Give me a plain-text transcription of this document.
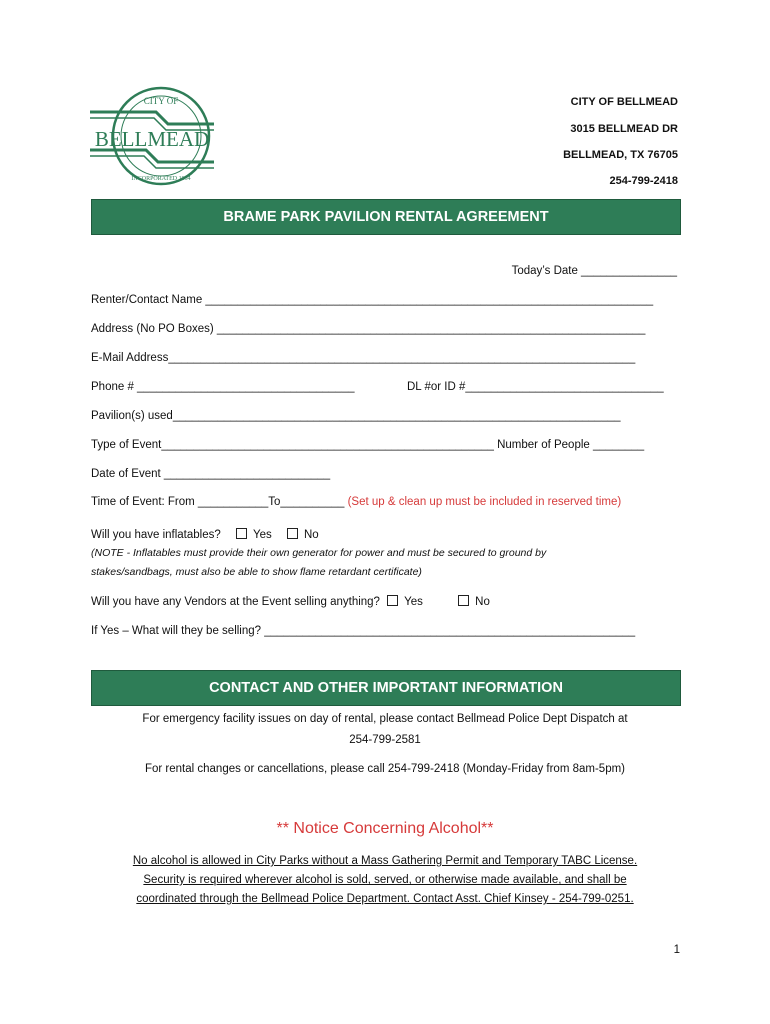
CITY OF
BELLMEAD
INCORPORATED 1954
CITY OF BELLMEAD
3015 BELLMEAD DR
BELLMEAD, TX 76705
254-799-2418
BRAME PARK PAVILION RENTAL AGREEMENT
Today’s Date _______________
Renter/Contact Name ______________________________________________________________________
Address (No PO Boxes) ___________________________________________________________________
E-Mail Address_________________________________________________________________________
Phone # __________________________________	DL #or ID #_______________________________
Pavilion(s) used______________________________________________________________________
Type of Event____________________________________________________ Number of People ________
Date of Event __________________________
Time of Event: From ___________To__________ (Set up & clean up must be included in reserved time)
Will you have inflatables?	Yes	No
(NOTE - Inflatables must provide their own generator for power and must be secured to ground by
stakes/sandbags, must also be able to show flame retardant certificate)
Will you have any Vendors at the Event selling anything? Yes	No
If Yes – What will they be selling? __________________________________________________________
CONTACT AND OTHER IMPORTANT INFORMATION
For emergency facility issues on day of rental, please contact Bellmead Police Dept Dispatch at
254-799-2581
For rental changes or cancellations, please call 254-799-2418 (Monday-Friday from 8am-5pm)
** Notice Concerning Alcohol**
No alcohol is allowed in City Parks without a Mass Gathering Permit and Temporary TABC License.
Security is required wherever alcohol is sold, served, or otherwise made available, and shall be
coordinated through the Bellmead Police Department. Contact Asst. Chief Kinsey - 254-799-0251.
1
